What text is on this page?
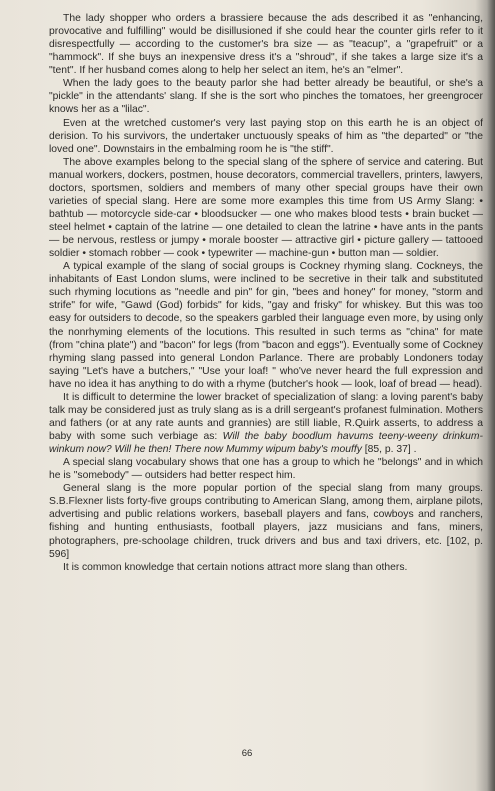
The lady shopper who orders a brassiere because the ads described it as "enhancing, provocative and fulfilling" would be disillusioned if she could hear the counter girls refer to it disrespectfully — according to the customer's bra size — as "teacup", a "grapefruit" or a "hammock". If she buys an inexpensive dress it's a "shroud", if she takes a large size it's a "tent". If her husband comes along to help her select an item, he's an "elmer".

When the lady goes to the beauty parlor she had better already be beautiful, or she's a "pickle" in the attendants' slang. If she is the sort who pinches the tomatoes, her greengrocer knows her as a "lilac".

Even at the wretched customer's very last paying stop on this earth he is an object of derision. To his survivors, the undertaker unctuously speaks of him as "the departed" or "the loved one". Downstairs in the embalming room he is "the stiff".

The above examples belong to the special slang of the sphere of service and catering. But manual workers, dockers, postmen, house decorators, commercial travellers, printers, lawyers, doctors, sportsmen, soldiers and members of many other special groups have their own varieties of special slang. Here are some more examples this time from US Army Slang: • bathtub — motorcycle side-car • bloodsucker — one who makes blood tests • brain bucket — steel helmet • captain of the latrine — one detailed to clean the latrine • have ants in the pants — be nervous, restless or jumpy • morale booster — attractive girl • picture gallery — tattooed soldier • stomach robber — cook • typewriter — machine-gun • button man — soldier.

A typical example of the slang of social groups is Cockney rhyming slang. Cockneys, the inhabitants of East London slums, were inclined to be secretive in their talk and substituted such rhyming locutions as "needle and pin" for gin, "bees and honey" for money, "storm and strife" for wife, "Gawd (God) forbids" for kids, "gay and frisky" for whiskey. But this was too easy for outsiders to decode, so the speakers garbled their language even more, by using only the nonrhyming elements of the locutions. This resulted in such terms as "china" for mate (from "china plate") and "bacon" for legs (from "bacon and eggs"). Eventually some of Cockney rhyming slang passed into general London Parlance. There are probably Londoners today saying "Let's have a butchers," "Use your loaf! " who've never heard the full expression and have no idea it has anything to do with a rhyme (butcher's hook — look, loaf of bread — head).

It is difficult to determine the lower bracket of specialization of slang: a loving parent's baby talk may be considered just as truly slang as is a drill sergeant's profanest fulmination. Mothers and fathers (or at any rate aunts and grannies) are still liable, R.Quirk asserts, to address a baby with some such verbiage as: Will the baby boodlum havums teeny-weeny drinkum-winkum now? Will he then! There now Mummy wipum baby's mouffy [85, p. 37] .

A special slang vocabulary shows that one has a group to which he "belongs" and in which he is "somebody" — outsiders had better respect him.

General slang is the more popular portion of the special slang from many groups. S.B.Flexner lists forty-five groups contributing to American Slang, among them, airplane pilots, advertising and public relations workers, baseball players and fans, cowboys and ranchers, fishing and hunting enthusiasts, football players, jazz musicians and fans, miners, photographers, pre-schoolage children, truck drivers and bus and taxi drivers, etc. [102, p. 596]

It is common knowledge that certain notions attract more slang than others.

66
